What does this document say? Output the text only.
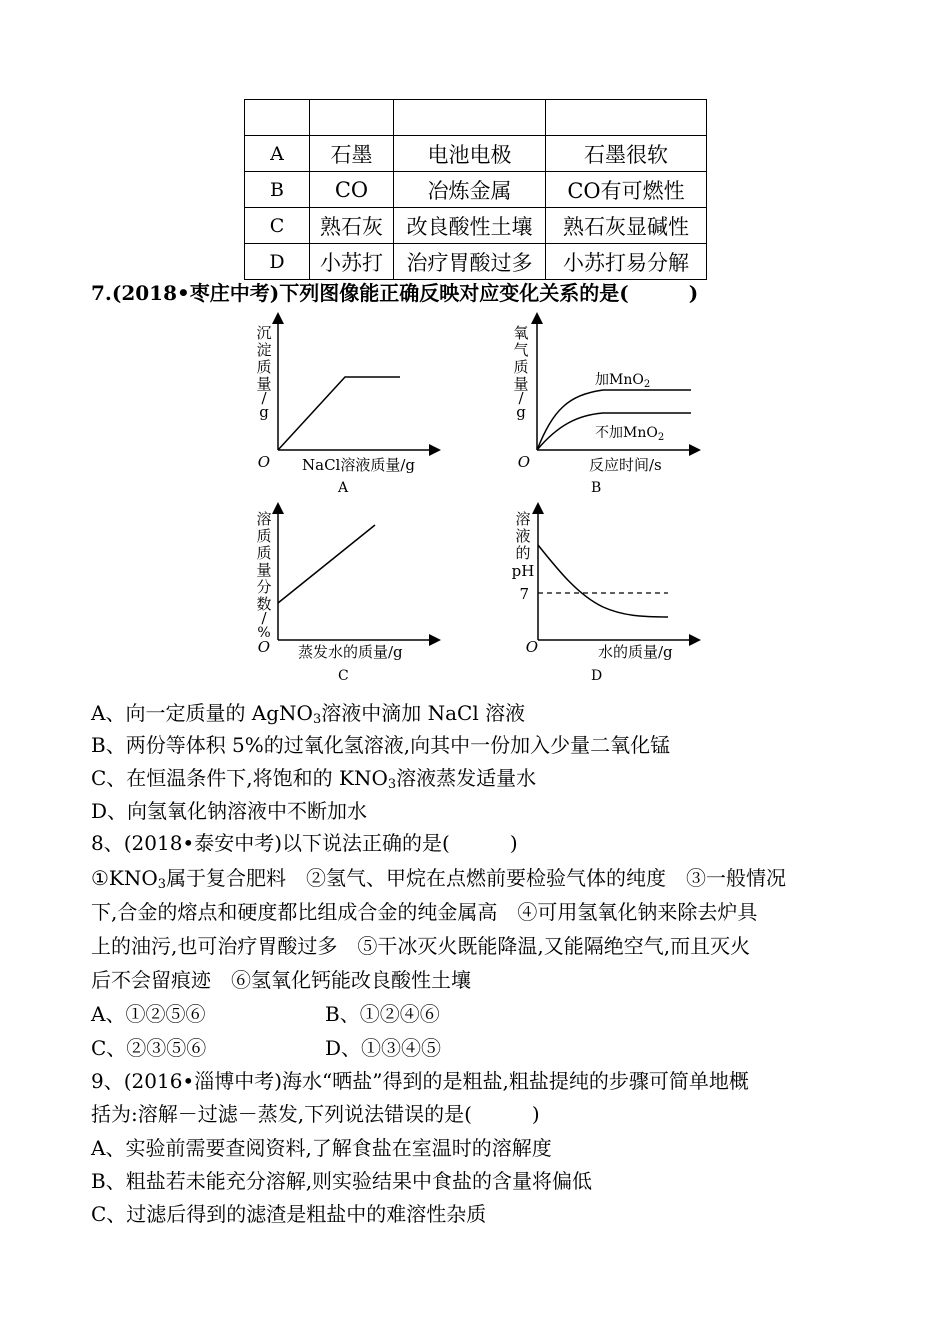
A	石墨	电池电极	石墨很软
B	CO	冶炼金属	CO有可燃性
C	熟石灰	改良酸性土壤	熟石灰显碱性
D	小苏打	治疗胃酸过多	小苏打易分解
7.(2018•枣庄中考)下列图像能正确反映对应变化关系的是(　　　)
O NaCl溶液质量/g
A
沉
淀
质
量
/
g
加MnO$_2$
不加MnO$_2$
O	反应时间/s
B
氧
气
质
量
/
g
O 蒸发水的质量/g
C
溶
质
质
量
分
数
/
%
7
O	水的质量/g
D
溶
液
的
pH
A、向一定质量的 AgNO$_3$溶液中滴加 NaCl 溶液
B、两份等体积 5%的过氧化氢溶液,向其中一份加入少量二氧化锰
C、在恒温条件下,将饱和的 $KNO_3$溶液蒸发适量水
D、向氢氧化钠溶液中不断加水
8、(2018•泰安中考)以下说法正确的是(　　　)
$①KNO_3$属于复合肥料　②氢气、甲烷在点燃前要检验气体的纯度　③一般情况
下,合金的熔点和硬度都比组成合金的纯金属高　④可用氢氧化钠来除去炉具
上的油污,也可治疗胃酸过多　⑤干冰灭火既能降温,又能隔绝空气,而且灭火
后不会留痕迹　⑥氢氧化钙能改良酸性土壤
A、①②⑤⑥	B、①②④⑥
C、②③⑤⑥	D、①③④⑤
9、(2016•淄博中考)海水“晒盐”得到的是粗盐,粗盐提纯的步骤可简单地概
括为:溶解－过滤－蒸发,下列说法错误的是(　　　)
A、实验前需要查阅资料,了解食盐在室温时的溶解度
B、粗盐若未能充分溶解,则实验结果中食盐的含量将偏低
C、过滤后得到的滤渣是粗盐中的难溶性杂质
